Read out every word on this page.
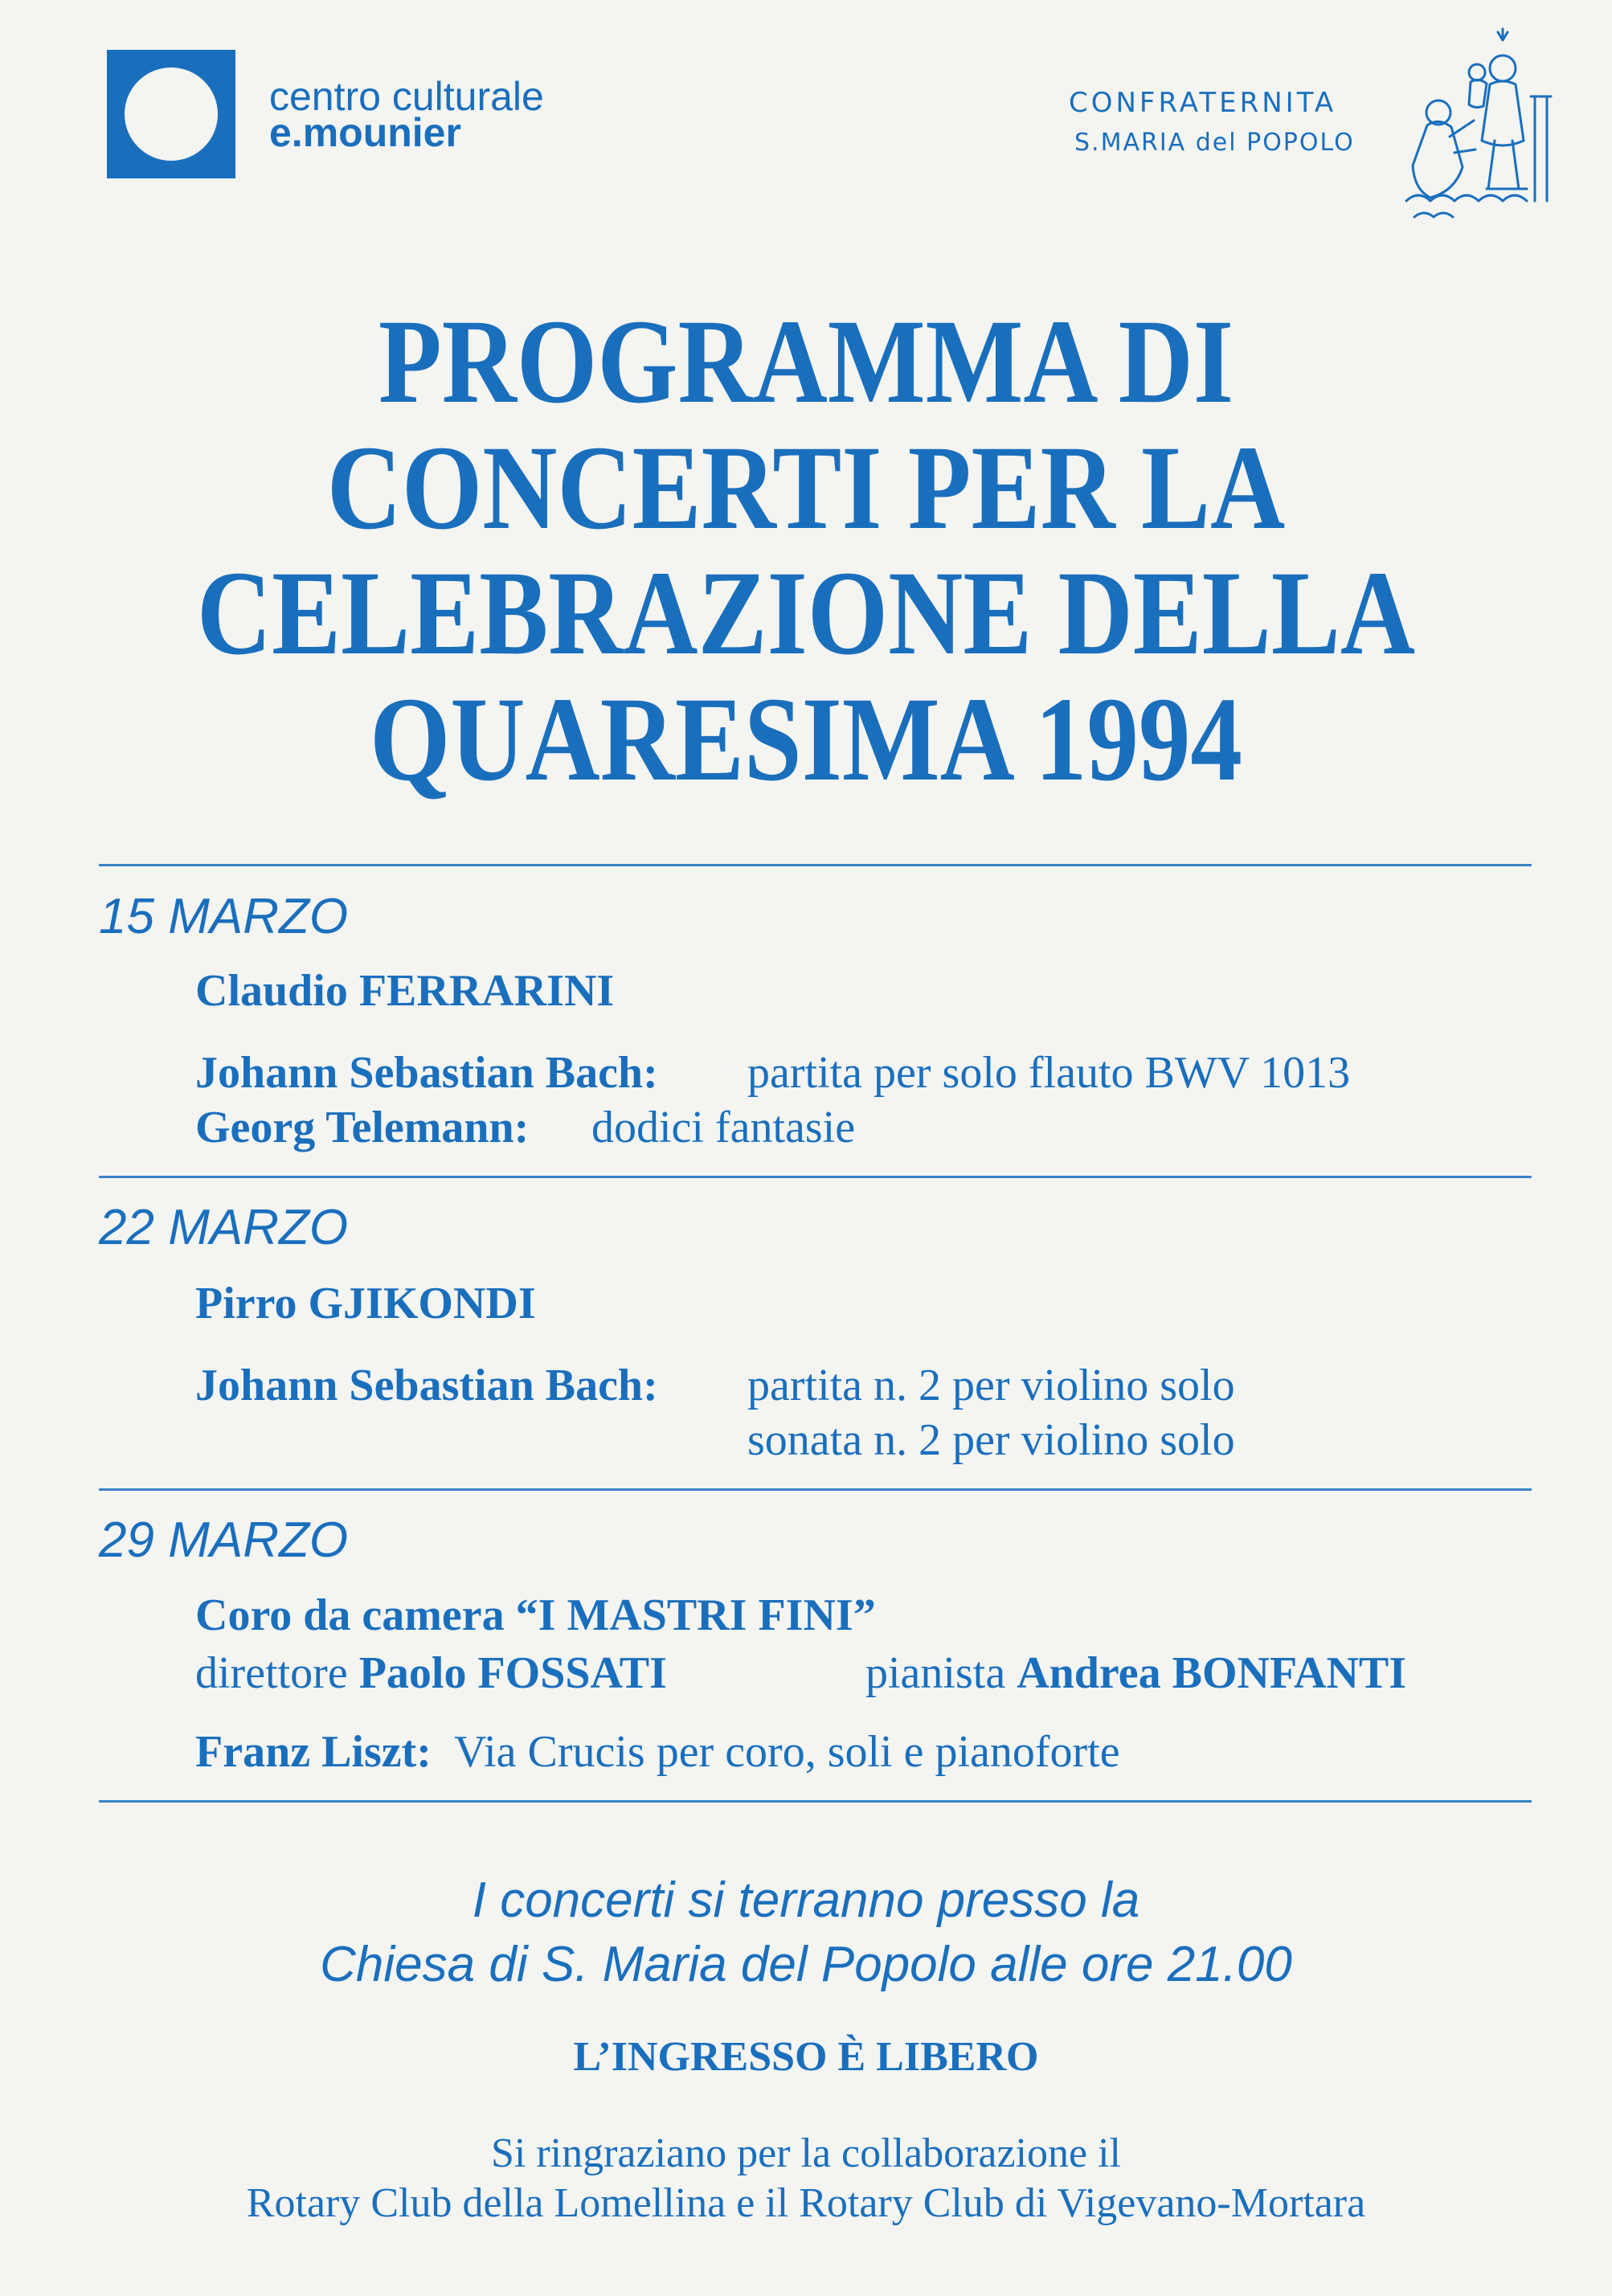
centro culturale
e.mounier
CONFRATERNITA
S.MARIA del POPOLO
PROGRAMMA DI
CONCERTI PER LA
CELEBRAZIONE DELLA
QUARESIMA 1994
15 MARZO
Claudio FERRARINI
Johann Sebastian Bach: partita per solo flauto BWV 1013
Georg Telemann: dodici fantasie
22 MARZO
Pirro GJIKONDI
Johann Sebastian Bach: partita n. 2 per violino solo
sonata n. 2 per violino solo
29 MARZO
Coro da camera “I MASTRI FINI”
direttore Paolo FOSSATI	pianista Andrea BONFANTI
Franz Liszt: Via Crucis per coro, soli e pianoforte
I concerti si terranno presso la
Chiesa di S. Maria del Popolo alle ore 21.00
L’INGRESSO È LIBERO
Si ringraziano per la collaborazione il
Rotary Club della Lomellina e il Rotary Club di Vigevano-Mortara
